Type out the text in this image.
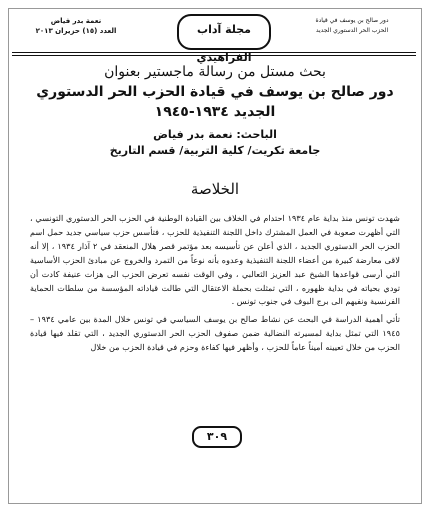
نعمة بدر فياض
العدد (١٥) حزيران ٢٠١٣	مجلة آداب الفراهيدي
دور صالح بن يوسف في قيادة
الحزب الحر الدستوري الجديد
بحث مستل من رسالة ماجستير بعنوان
دور صالح بن يوسف في قيادة الحزب الحر الدستوري
الجديد ١٩٣٤-١٩٤٥
الباحث: نعمة بدر فياض
جامعة تكريت/ كلية التربية/ قسم التاريخ
الخلاصة

شهدت تونس منذ بداية عام ١٩٣٤ احتدام في الخلاف بين القيادة الوطنية في الحزب الحر الدستوري التونسي ، التي أظهرت صعوبة في العمل المشترك داخل اللجنة التنفيذية للحزب ، فتأسس حزب سياسي جديد حمل اسم الحزب الحر الدستوري الجديد ، الذي أعلن عن تأسيسه بعد مؤتمر قصر هلال المنعقد في ٢ آذار ١٩٣٤ ، إلا أنه لاقى معارضة كبيرة من أعضاء اللجنة التنفيذية وعدوه بأنه نوعاً من التمرد والخروج عن مبادئ الحزب الأساسية التي أرسى قواعدها الشيخ عبد العزيز الثعالبي ، وفي الوقت نفسه تعرض الحزب الى هزات عنيفة كادت أن تودي بحياته في بداية ظهوره ، التي تمثلت بحملة الاعتقال التي طالت قياداته المؤسسة من سلطات الحماية الفرنسية ونفيهم الى برج البوف في جنوب تونس .

تأتي أهمية الدراسة في البحث عن نشاط صالح بن يوسف السياسي في تونس خلال المدة بين عامي ١٩٣٤ – ١٩٤٥ التي تمثل بداية لمسيرته النضالية ضمن صفوف الحزب الحر الدستوري الجديد ، التي تقلد فيها قيادة الحزب من خلال تعيينه أميناً عاماً للحزب ، وأظهر فيها كفاءة وحزم في قيادة الحزب من خلال

٣٠٩
